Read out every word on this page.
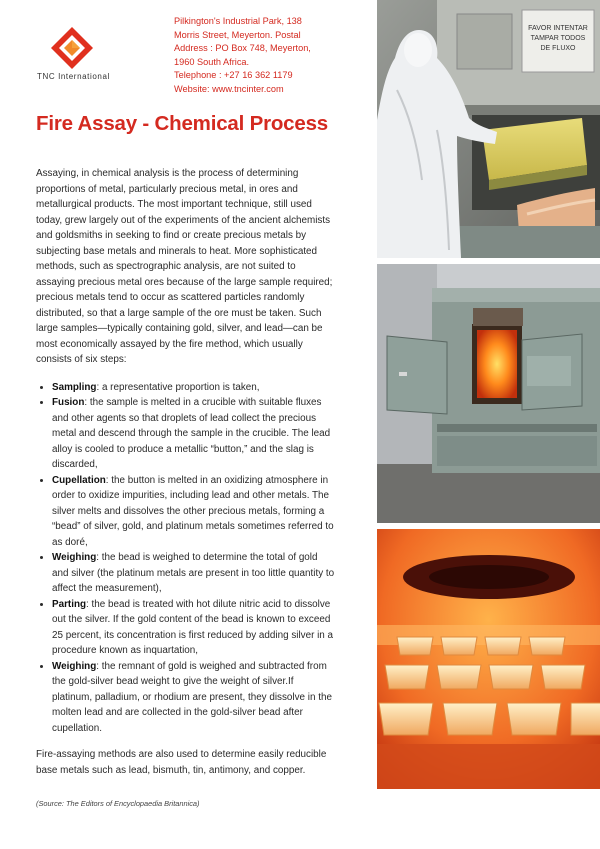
TNC International
Pilkington's Industrial Park, 138
Morris Street, Meyerton. Postal
Address : PO Box 748, Meyerton,
1960 South Africa.
Telephone : +27 16 362 1179
Website: www.tncinter.com
Fire Assay - Chemical Process

Assaying, in chemical analysis is the process of determining proportions of metal, particularly precious metal, in ores and metallurgical products. The most important technique, still used today, grew largely out of the experiments of the ancient alchemists and goldsmiths in seeking to find or create precious metals by subjecting base metals and minerals to heat. More sophisticated methods, such as spectrographic analysis, are not suited to assaying precious metal ores because of the large sample required; precious metals tend to occur as scattered particles randomly distributed, so that a large sample of the ore must be taken. Such large samples—typically containing gold, silver, and lead—can be most economically assayed by the fire method, which usually consists of six steps:

• Sampling: a representative proportion is taken,
• Fusion: the sample is melted in a crucible with suitable fluxes and other agents so that droplets of lead collect the precious metal and descend through the sample in the crucible. The lead alloy is cooled to produce a metallic “button,” and the slag is discarded,
• Cupellation: the button is melted in an oxidizing atmosphere in order to oxidize impurities, including lead and other metals. The silver melts and dissolves the other precious metals, forming a “bead” of silver, gold, and platinum metals sometimes referred to as doré,
• Weighing: the bead is weighed to determine the total of gold and silver (the platinum metals are present in too little quantity to affect the measurement),
• Parting: the bead is treated with hot dilute nitric acid to dissolve out the silver. If the gold content of the bead is known to exceed 25 percent, its concentration is first reduced by adding silver in a procedure known as inquartation,
• Weighing: the remnant of gold is weighed and subtracted from the gold-silver bead weight to give the weight of silver.If platinum, palladium, or rhodium are present, they dissolve in the molten lead and are collected in the gold-silver bead after cupellation.

Fire-assaying methods are also used to determine easily reducible base metals such as lead, bismuth, tin, antimony, and copper.

(Source: The Editors of Encyclopaedia Britannica)
FAVOR INTENTAR
TAMPAR TODOS
DE FLUXO
